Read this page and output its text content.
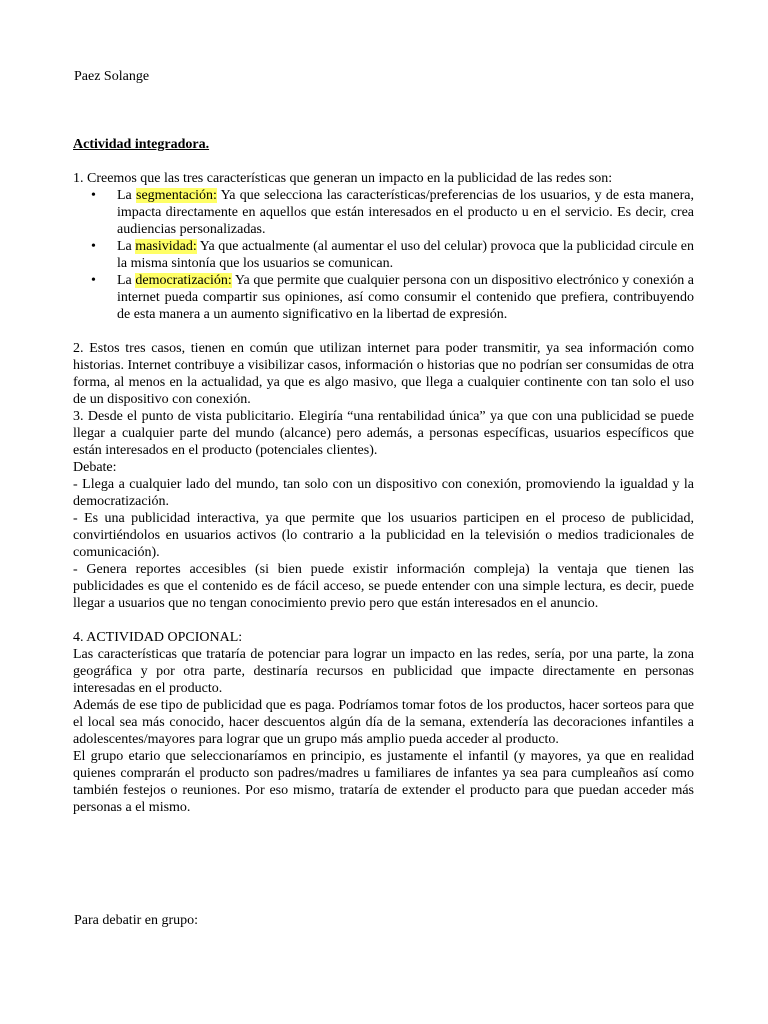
Paez Solange

Actividad integradora.

1. Creemos que las tres características que generan un impacto en la publicidad de las redes son:

• La segmentación: Ya que selecciona las características/preferencias de los usuarios, y de esta manera, impacta directamente en aquellos que están interesados en el producto u en el servicio. Es decir, crea audiencias personalizadas.
• La masividad: Ya que actualmente (al aumentar el uso del celular) provoca que la publicidad circule en la misma sintonía que los usuarios se comunican.
• La democratización: Ya que permite que cualquier persona con un dispositivo electrónico y conexión a internet pueda compartir sus opiniones, así como consumir el contenido que prefiera, contribuyendo de esta manera a un aumento significativo en la libertad de expresión.

2. Estos tres casos, tienen en común que utilizan internet para poder transmitir, ya sea información como historias. Internet contribuye a visibilizar casos, información o historias que no podrían ser consumidas de otra forma, al menos en la actualidad, ya que es algo masivo, que llega a cualquier continente con tan solo el uso de un dispositivo con conexión.

3. Desde el punto de vista publicitario. Elegiría “una rentabilidad única” ya que con una publicidad se puede llegar a cualquier parte del mundo (alcance) pero además, a personas específicas, usuarios específicos que están interesados en el producto (potenciales clientes).

Debate:

- Llega a cualquier lado del mundo, tan solo con un dispositivo con conexión, promoviendo la igualdad y la democratización.

- Es una publicidad interactiva, ya que permite que los usuarios participen en el proceso de publicidad, convirtiéndolos en usuarios activos (lo contrario a la publicidad en la televisión o medios tradicionales de comunicación).

- Genera reportes accesibles (si bien puede existir información compleja) la ventaja que tienen las publicidades es que el contenido es de fácil acceso, se puede entender con una simple lectura, es decir, puede llegar a usuarios que no tengan conocimiento previo pero que están interesados en el anuncio.

4. ACTIVIDAD OPCIONAL:

Las características que trataría de potenciar para lograr un impacto en las redes, sería, por una parte, la zona geográfica y por otra parte, destinaría recursos en publicidad que impacte directamente en personas interesadas en el producto.

Además de ese tipo de publicidad que es paga. Podríamos tomar fotos de los productos, hacer sorteos para que el local sea más conocido, hacer descuentos algún día de la semana, extendería las decoraciones infantiles a adolescentes/mayores para lograr que un grupo más amplio pueda acceder al producto.

El grupo etario que seleccionaríamos en principio, es justamente el infantil (y mayores, ya que en realidad quienes comprarán el producto son padres/madres u familiares de infantes ya sea para cumpleaños así como también festejos o reuniones. Por eso mismo, trataría de extender el producto para que puedan acceder más personas a el mismo.

Para debatir en grupo:
